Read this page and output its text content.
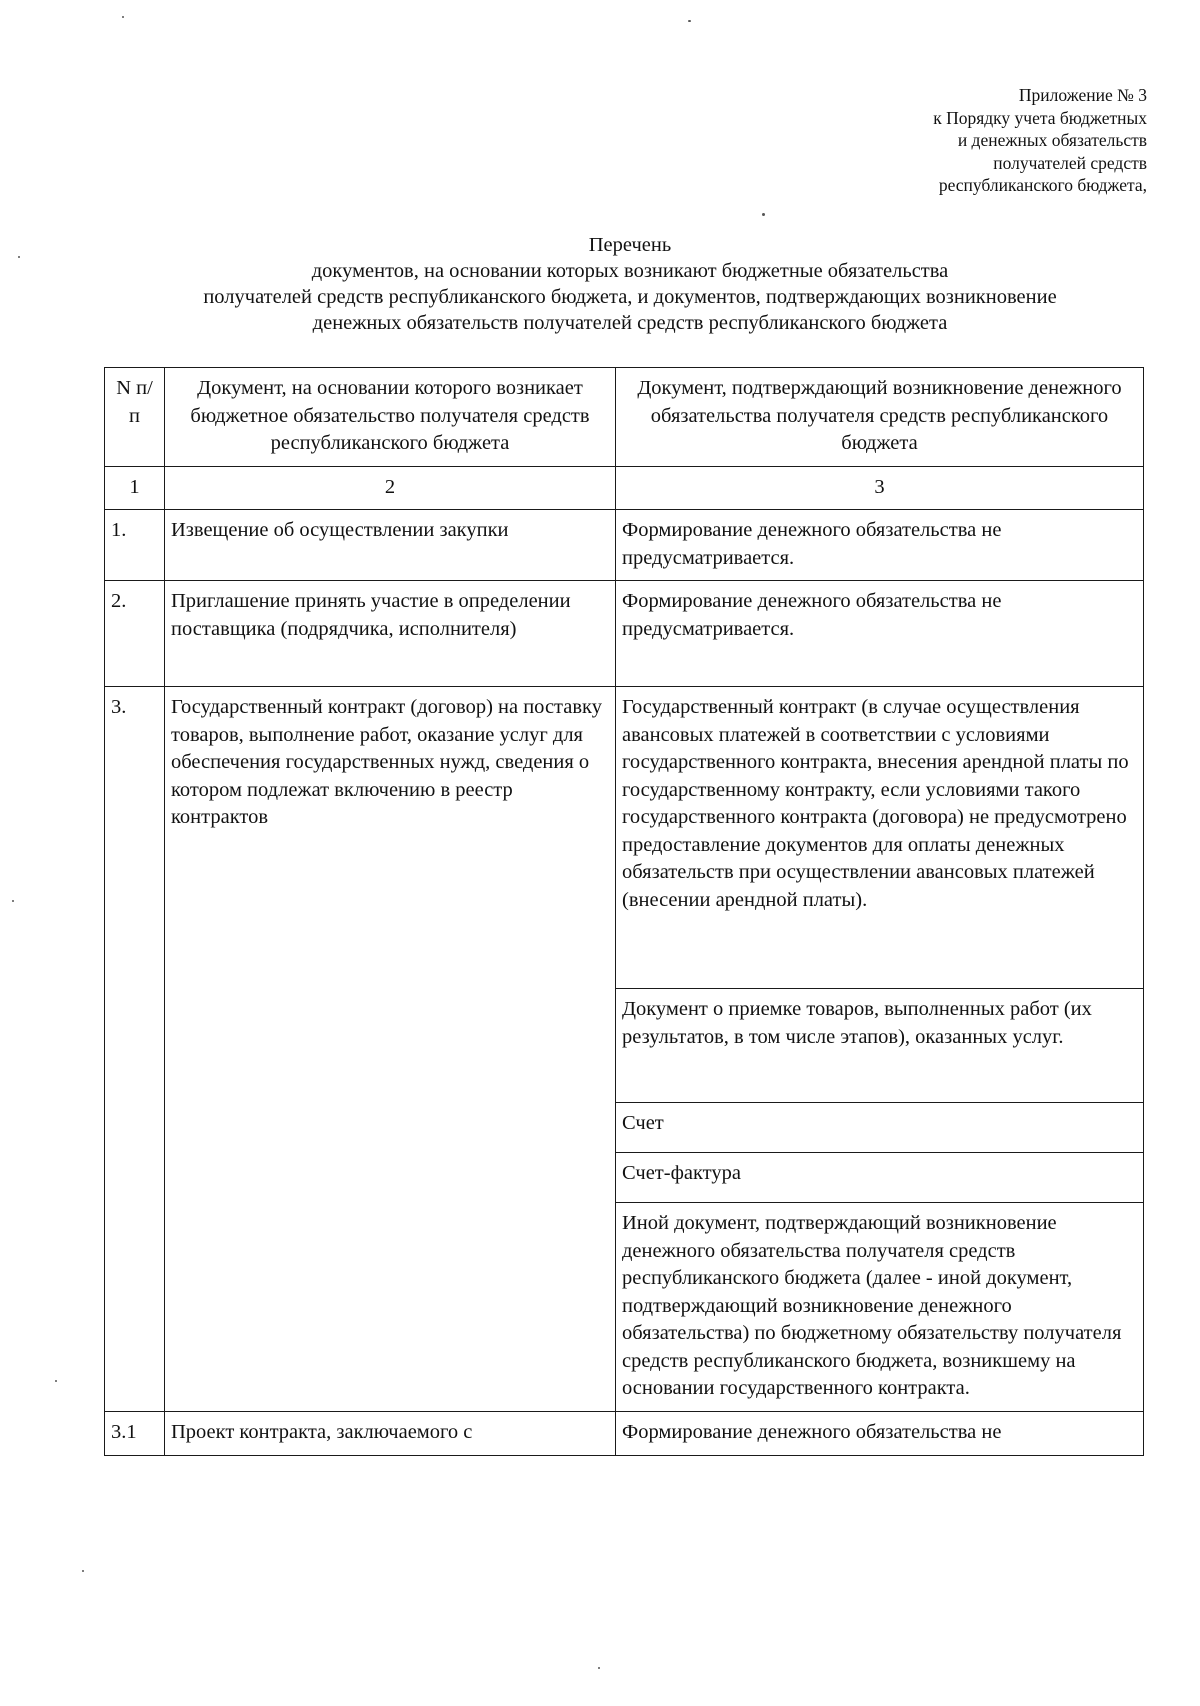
Приложение № 3
к Порядку учета бюджетных
и денежных обязательств
получателей средств
республиканского бюджета,
Перечень
документов, на основании которых возникают бюджетные обязательства
получателей средств республиканского бюджета, и документов, подтверждающих возникновение
денежных обязательств получателей средств республиканского бюджета
N п/п	Документ, на основании которого возникает бюджетное обязательство получателя средств республиканского бюджета	Документ, подтверждающий возникновение денежного обязательства получателя средств республиканского бюджета
1	2	3
1.	Извещение об осуществлении закупки	Формирование денежного обязательства не предусматривается.
2.	Приглашение принять участие в определении поставщика (подрядчика, исполнителя)	Формирование денежного обязательства не предусматривается.
3.	Государственный контракт (договор) на поставку товаров, выполнение работ, оказание услуг для обеспечения государственных нужд, сведения о котором подлежат включению в реестр контрактов	Государственный контракт (в случае осуществления авансовых платежей в соответствии с условиями государственного контракта, внесения арендной платы по государственному контракту, если условиями такого государственного контракта (договора) не предусмотрено предоставление документов для оплаты денежных обязательств при осуществлении авансовых платежей (внесении арендной платы).
		Документ о приемке товаров, выполненных работ (их результатов, в том числе этапов), оказанных услуг.
		Счет
		Счет-фактура
		Иной документ, подтверждающий возникновение денежного обязательства получателя средств республиканского бюджета (далее - иной документ, подтверждающий возникновение денежного обязательства) по бюджетному обязательству получателя средств республиканского бюджета, возникшему на основании государственного контракта.
3.1	Проект контракта, заключаемого с	Формирование денежного обязательства не
